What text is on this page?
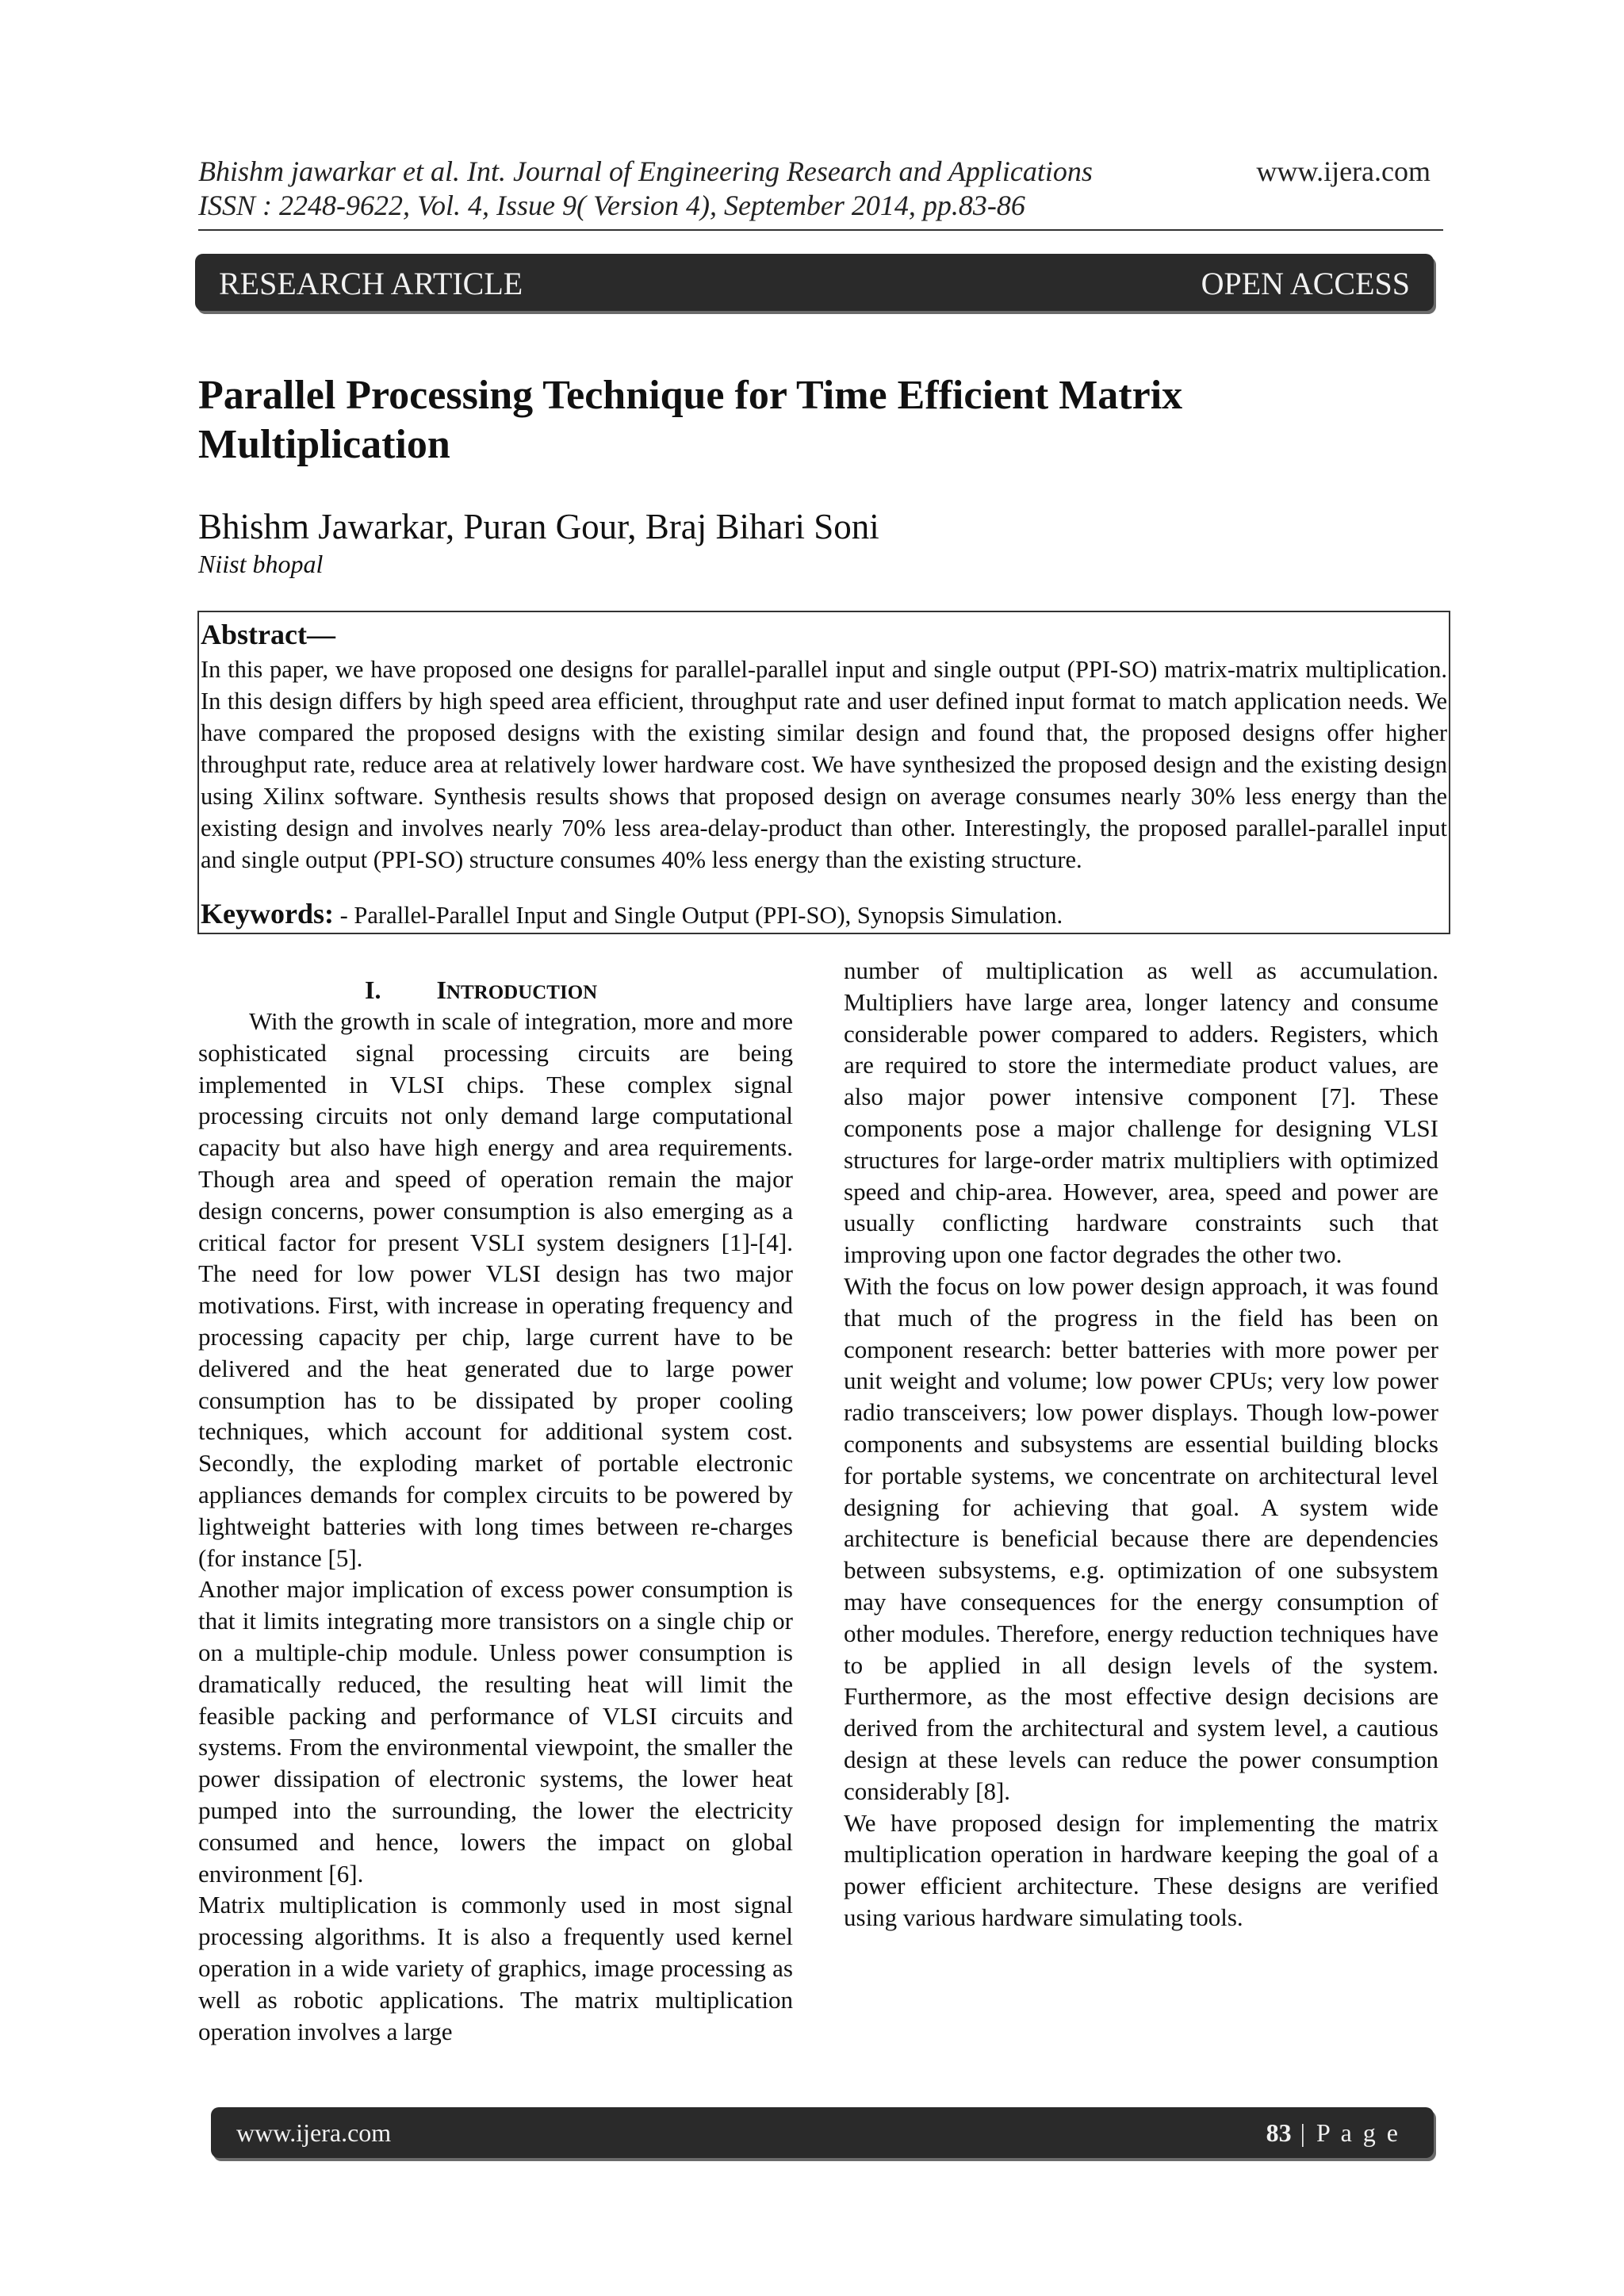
Bhishm jawarkar et al. Int. Journal of Engineering Research and Applications
ISSN : 2248-9622, Vol. 4, Issue 9( Version 4), September 2014, pp.83-86
www.ijera.com
RESEARCH ARTICLE	OPEN ACCESS
Parallel Processing Technique for Time Efficient Matrix Multiplication
Bhishm Jawarkar, Puran Gour, Braj Bihari Soni
Niist bhopal
Abstract—
In this paper, we have proposed one designs for parallel-parallel input and single output (PPI-SO) matrix-matrix multiplication. In this design differs by high speed area efficient, throughput rate and user defined input format to match application needs. We have compared the proposed designs with the existing similar design and found that, the proposed designs offer higher throughput rate, reduce area at relatively lower hardware cost. We have synthesized the proposed design and the existing design using Xilinx software. Synthesis results shows that proposed design on average consumes nearly 30% less energy than the existing design and involves nearly 70% less area-delay-product than other. Interestingly, the proposed parallel-parallel input and single output (PPI-SO) structure consumes 40% less energy than the existing structure.
Keywords: - Parallel-Parallel Input and Single Output (PPI-SO), Synopsis Simulation.
I. INTRODUCTION

With the growth in scale of integration, more and more sophisticated signal processing circuits are being implemented in VLSI chips. These complex signal processing circuits not only demand large computational capacity but also have high energy and area requirements. Though area and speed of operation remain the major design concerns, power consumption is also emerging as a critical factor for present VSLI system designers [1]-[4]. The need for low power VLSI design has two major motivations. First, with increase in operating frequency and processing capacity per chip, large current have to be delivered and the heat generated due to large power consumption has to be dissipated by proper cooling techniques, which account for additional system cost. Secondly, the exploding market of portable electronic appliances demands for complex circuits to be powered by lightweight batteries with long times between re-charges (for instance [5].

Another major implication of excess power consumption is that it limits integrating more transistors on a single chip or on a multiple-chip module. Unless power consumption is dramatically reduced, the resulting heat will limit the feasible packing and performance of VLSI circuits and systems. From the environmental viewpoint, the smaller the power dissipation of electronic systems, the lower heat pumped into the surrounding, the lower the electricity consumed and hence, lowers the impact on global environment [6].

Matrix multiplication is commonly used in most signal processing algorithms. It is also a frequently used kernel operation in a wide variety of graphics, image processing as well as robotic applications. The matrix multiplication operation involves a large

number of multiplication as well as accumulation. Multipliers have large area, longer latency and consume considerable power compared to adders. Registers, which are required to store the intermediate product values, are also major power intensive component [7]. These components pose a major challenge for designing VLSI structures for large-order matrix multipliers with optimized speed and chip-area. However, area, speed and power are usually conflicting hardware constraints such that improving upon one factor degrades the other two.

With the focus on low power design approach, it was found that much of the progress in the field has been on component research: better batteries with more power per unit weight and volume; low power CPUs; very low power radio transceivers; low power displays. Though low-power components and subsystems are essential building blocks for portable systems, we concentrate on architectural level designing for achieving that goal. A system wide architecture is beneficial because there are dependencies between subsystems, e.g. optimization of one subsystem may have consequences for the energy consumption of other modules. Therefore, energy reduction techniques have to be applied in all design levels of the system. Furthermore, as the most effective design decisions are derived from the architectural and system level, a cautious design at these levels can reduce the power consumption considerably [8].

We have proposed design for implementing the matrix multiplication operation in hardware keeping the goal of a power efficient architecture. These designs are verified using various hardware simulating tools.

www.ijera.com	83 | P a g e
